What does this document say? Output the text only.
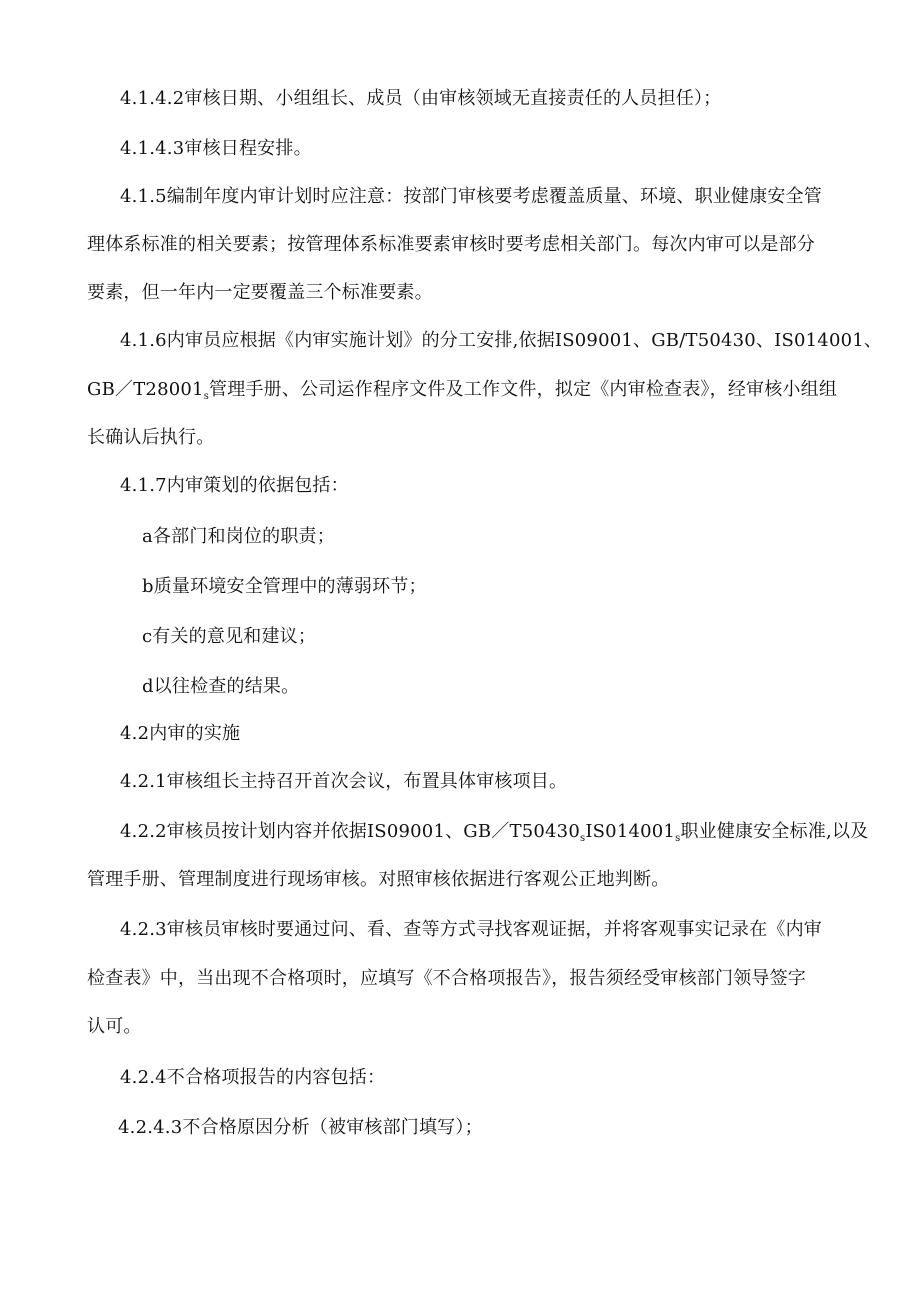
4.1.4.2审核日期、小组组长、成员（由审核领域无直接责任的人员担任）；
4.1.4.3审核日程安排。
4.1.5编制年度内审计划时应注意：按部门审核要考虑覆盖质量、环境、职业健康安全管
理体系标准的相关要素；按管理体系标准要素审核时要考虑相关部门。每次内审可以是部分
要素，但一年内一定要覆盖三个标准要素。
4.1.6内审员应根据《内审实施计划》的分工安排,依据IS09001、GB/T50430、IS014001、
$GB/T28001_s$管理手册、公司运作程序文件及工作文件，拟定《内审检查表》，经审核小组组
长确认后执行。
4.1.7内审策划的依据包括：
a各部门和岗位的职责；
b质量环境安全管理中的薄弱环节；
c有关的意见和建议；
d以往检查的结果。
4.2内审的实施
4.2.1审核组长主持召开首次会议，布置具体审核项目。
4.2.2审核员按计划内容并依据IS09001、$GB/T50430_sIS014001_s$职业健康安全标准,以及
管理手册、管理制度进行现场审核。对照审核依据进行客观公正地判断。
4.2.3审核员审核时要通过问、看、查等方式寻找客观证据，并将客观事实记录在《内审
检查表》中，当出现不合格项时，应填写《不合格项报告》，报告须经受审核部门领导签字
认可。
4.2.4不合格项报告的内容包括：
4.2.4.3不合格原因分析（被审核部门填写）；
